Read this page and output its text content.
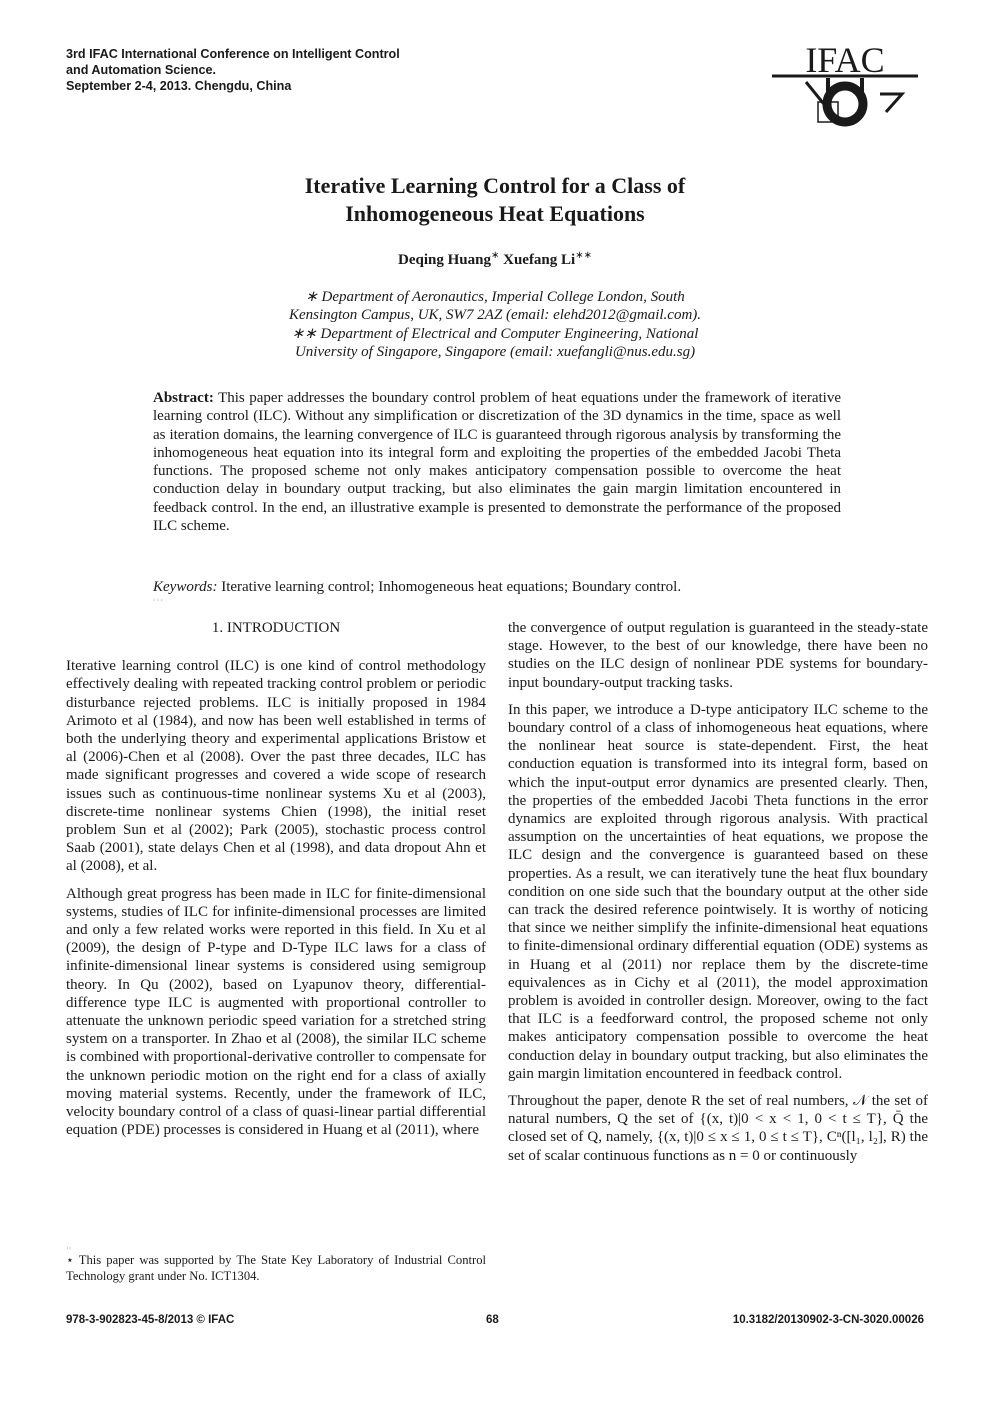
3rd IFAC International Conference on Intelligent Control
and Automation Science.
September 2-4, 2013. Chengdu, China
IFAC
Iterative Learning Control for a Class of
Inhomogeneous Heat Equations
Deqing Huang∗ Xuefang Li∗∗
∗ Department of Aeronautics, Imperial College London, South
Kensington Campus, UK, SW7 2AZ (email: elehd2012@gmail.com).
∗∗ Department of Electrical and Computer Engineering, National
University of Singapore, Singapore (email: xuefangli@nus.edu.sg)
Abstract: This paper addresses the boundary control problem of heat equations under the framework of iterative learning control (ILC). Without any simplification or discretization of the 3D dynamics in the time, space as well as iteration domains, the learning convergence of ILC is guaranteed through rigorous analysis by transforming the inhomogeneous heat equation into its integral form and exploiting the properties of the embedded Jacobi Theta functions. The proposed scheme not only makes anticipatory compensation possible to overcome the heat conduction delay in boundary output tracking, but also eliminates the gain margin limitation encountered in feedback control. In the end, an illustrative example is presented to demonstrate the performance of the proposed ILC scheme.
Keywords: Iterative learning control; Inhomogeneous heat equations; Boundary control.
···

1. INTRODUCTION

Iterative learning control (ILC) is one kind of control methodology effectively dealing with repeated tracking control problem or periodic disturbance rejected problems. ILC is initially proposed in 1984 Arimoto et al (1984), and now has been well established in terms of both the underlying theory and experimental applications Bristow et al (2006)-Chen et al (2008). Over the past three decades, ILC has made significant progresses and covered a wide scope of research issues such as continuous-time nonlinear systems Xu et al (2003), discrete-time nonlinear systems Chien (1998), the initial reset problem Sun et al (2002); Park (2005), stochastic process control Saab (2001), state delays Chen et al (1998), and data dropout Ahn et al (2008), et al.

Although great progress has been made in ILC for finite-dimensional systems, studies of ILC for infinite-dimensional processes are limited and only a few related works were reported in this field. In Xu et al (2009), the design of P-type and D-Type ILC laws for a class of infinite-dimensional linear systems is considered using semigroup theory. In Qu (2002), based on Lyapunov theory, differential-difference type ILC is augmented with proportional controller to attenuate the unknown periodic speed variation for a stretched string system on a transporter. In Zhao et al (2008), the similar ILC scheme is combined with proportional-derivative controller to compensate for the unknown periodic motion on the right end for a class of axially moving material systems. Recently, under the framework of ILC, velocity boundary control of a class of quasi-linear partial differential equation (PDE) processes is considered in Huang et al (2011), where

the convergence of output regulation is guaranteed in the steady-state stage. However, to the best of our knowledge, there have been no studies on the ILC design of nonlinear PDE systems for boundary-input boundary-output tracking tasks.

In this paper, we introduce a D-type anticipatory ILC scheme to the boundary control of a class of inhomogeneous heat equations, where the nonlinear heat source is state-dependent. First, the heat conduction equation is transformed into its integral form, based on which the input-output error dynamics are presented clearly. Then, the properties of the embedded Jacobi Theta functions in the error dynamics are exploited through rigorous analysis. With practical assumption on the uncertainties of heat equations, we propose the ILC design and the convergence is guaranteed based on these properties. As a result, we can iteratively tune the heat flux boundary condition on one side such that the boundary output at the other side can track the desired reference pointwisely. It is worthy of noticing that since we neither simplify the infinite-dimensional heat equations to finite-dimensional ordinary differential equation (ODE) systems as in Huang et al (2011) nor replace them by the discrete-time equivalences as in Cichy et al (2011), the model approximation problem is avoided in controller design. Moreover, owing to the fact that ILC is a feedforward control, the proposed scheme not only makes anticipatory compensation possible to overcome the heat conduction delay in boundary output tracking, but also eliminates the gain margin limitation encountered in feedback control.

Throughout the paper, denote R the set of real numbers, 𝒩 the set of natural numbers, Q the set of {(x, t)|0 < x < 1, 0 < t ≤ T}, Q̄ the closed set of Q, namely, {(x, t)|0 ≤ x ≤ 1, 0 ≤ t ≤ T}, Cⁿ([l₁, l₂], R) the set of scalar continuous functions as n = 0 or continuously

··
⋆ This paper was supported by The State Key Laboratory of Industrial Control Technology grant under No. ICT1304.
978-3-902823-45-8/2013 © IFAC	68	10.3182/20130902-3-CN-3020.00026
